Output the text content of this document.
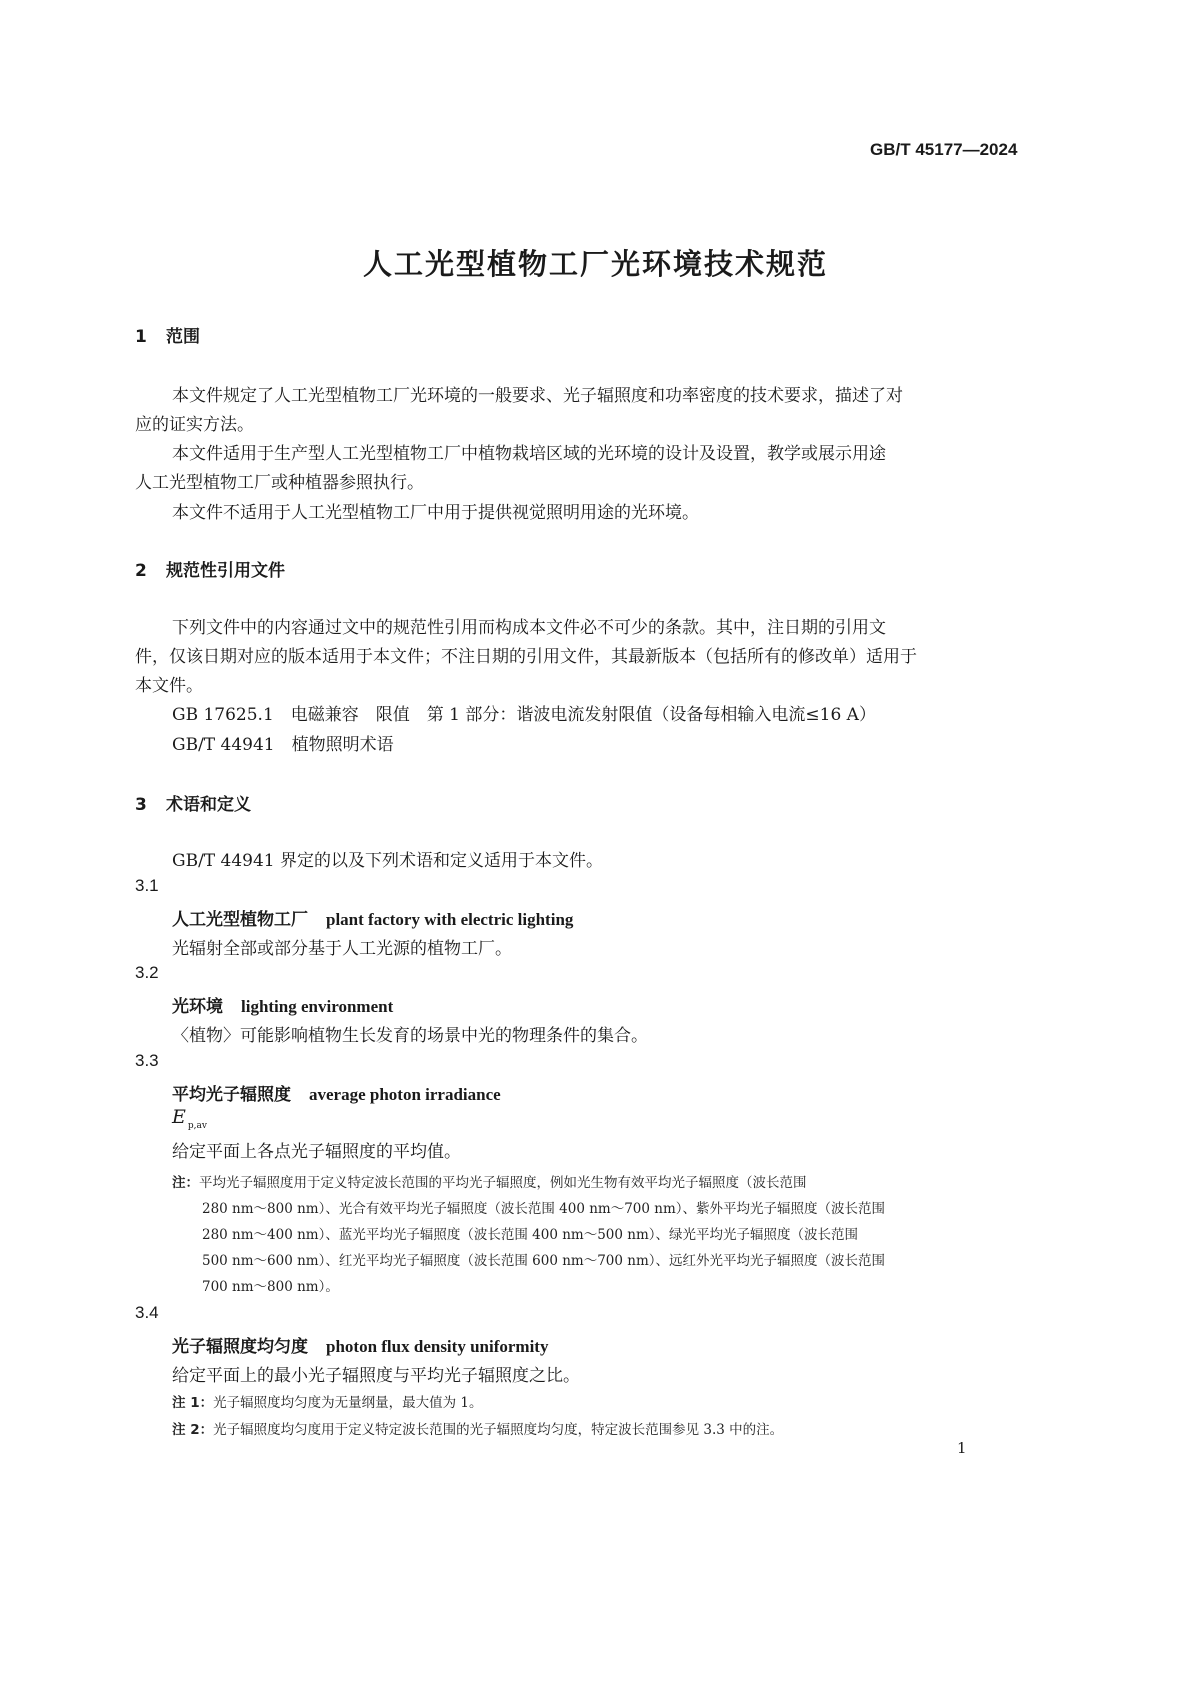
GB/T 45177—2024
人工光型植物工厂光环境技术规范
1 范围
本文件规定了人工光型植物工厂光环境的一般要求、光子辐照度和功率密度的技术要求，描述了对
应的证实方法。
本文件适用于生产型人工光型植物工厂中植物栽培区域的光环境的设计及设置，教学或展示用途
人工光型植物工厂或种植器参照执行。
本文件不适用于人工光型植物工厂中用于提供视觉照明用途的光环境。
2 规范性引用文件
下列文件中的内容通过文中的规范性引用而构成本文件必不可少的条款。其中，注日期的引用文
件，仅该日期对应的版本适用于本文件；不注日期的引用文件，其最新版本（包括所有的修改单）适用于
本文件。
GB 17625.1　电磁兼容　限值　第 1 部分：谐波电流发射限值（设备每相输入电流≤16 A）
GB/T 44941　植物照明术语
3 术语和定义
GB/T 44941 界定的以及下列术语和定义适用于本文件。
3.1
人工光型植物工厂 plant factory with electric lighting
光辐射全部或部分基于人工光源的植物工厂。
3.2
光环境 lighting environment
〈植物〉可能影响植物生长发育的场景中光的物理条件的集合。
3.3
平均光子辐照度 average photon irradiance
E $_{p,av}$
给定平面上各点光子辐照度的平均值。
注：平均光子辐照度用于定义特定波长范围的平均光子辐照度，例如光生物有效平均光子辐照度（波长范围
280 nm～800 nm）、光合有效平均光子辐照度（波长范围 400 nm～700 nm）、紫外平均光子辐照度（波长范围
280 nm～400 nm）、蓝光平均光子辐照度（波长范围 400 nm～500 nm）、绿光平均光子辐照度（波长范围
500 nm～600 nm）、红光平均光子辐照度（波长范围 600 nm～700 nm）、远红外光平均光子辐照度（波长范围
700 nm～800 nm）。
3.4
光子辐照度均匀度 photon flux density uniformity
给定平面上的最小光子辐照度与平均光子辐照度之比。
注 1：光子辐照度均匀度为无量纲量，最大值为 1。
注 2：光子辐照度均匀度用于定义特定波长范围的光子辐照度均匀度，特定波长范围参见 3.3 中的注。
1
